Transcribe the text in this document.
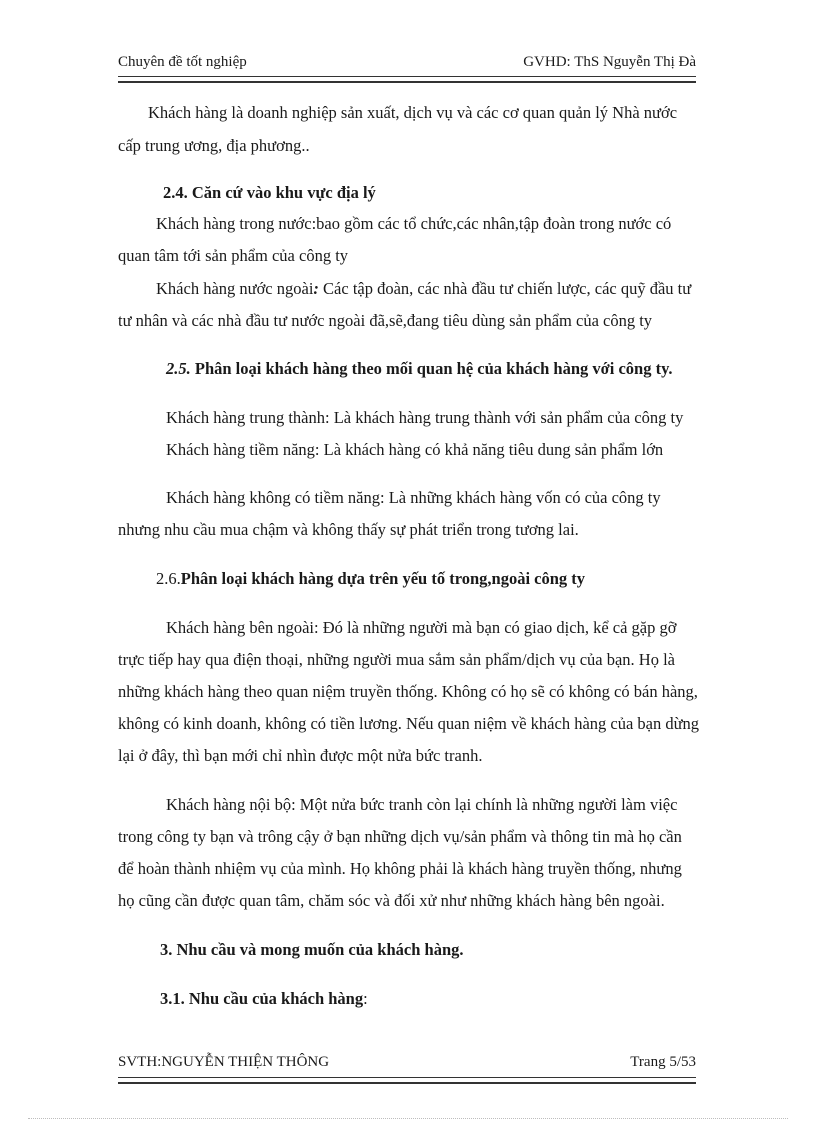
Chuyên đề tốt nghiệp	GVHD: ThS Nguyễn Thị Đà
Khách hàng là doanh nghiệp sản xuất, dịch vụ và các cơ quan quản lý Nhà nước
cấp trung ương, địa phương..
2.4. Căn cứ vào khu vực địa lý
Khách hàng trong nước:bao gồm các tổ chức,các nhân,tập đoàn trong nước có
quan tâm tới sản phẩm của công ty
Khách hàng nước ngoài: Các tập đoàn, các nhà đầu tư chiến lược, các quỹ đầu tư
tư nhân và các nhà đầu tư nước ngoài đã,sẽ,đang tiêu dùng sản phẩm của công ty
2.5. Phân loại khách hàng theo mối quan hệ của khách hàng với công ty.
Khách hàng trung thành: Là khách hàng trung thành với sản phẩm của công ty
Khách hàng tiềm năng: Là khách hàng có khả năng tiêu dung sản phẩm lớn
Khách hàng không có tiềm năng: Là những khách hàng vốn có của công ty
nhưng nhu cầu mua chậm và không thấy sự phát triển trong tương lai.
2.6.Phân loại khách hàng dựa trên yếu tố trong,ngoài công ty
Khách hàng bên ngoài: Đó là những người mà bạn có giao dịch, kể cả gặp gỡ
trực tiếp hay qua điện thoại, những người mua sắm sản phẩm/dịch vụ của bạn. Họ là
những khách hàng theo quan niệm truyền thống. Không có họ sẽ có không có bán hàng,
không có kinh doanh, không có tiền lương. Nếu quan niệm về khách hàng của bạn dừng
lại ở đây, thì bạn mới chỉ nhìn được một nửa bức tranh.
Khách hàng nội bộ: Một nửa bức tranh còn lại chính là những người làm việc
trong công ty bạn và trông cậy ở bạn những dịch vụ/sản phẩm và thông tin mà họ cần
để hoàn thành nhiệm vụ của mình. Họ không phải là khách hàng truyền thống, nhưng
họ cũng cần được quan tâm, chăm sóc và đối xử như những khách hàng bên ngoài.
3. Nhu cầu và mong muốn của khách hàng.
3.1. Nhu cầu của khách hàng:
SVTH:NGUYỄN THIỆN THÔNG	Trang 5/53
